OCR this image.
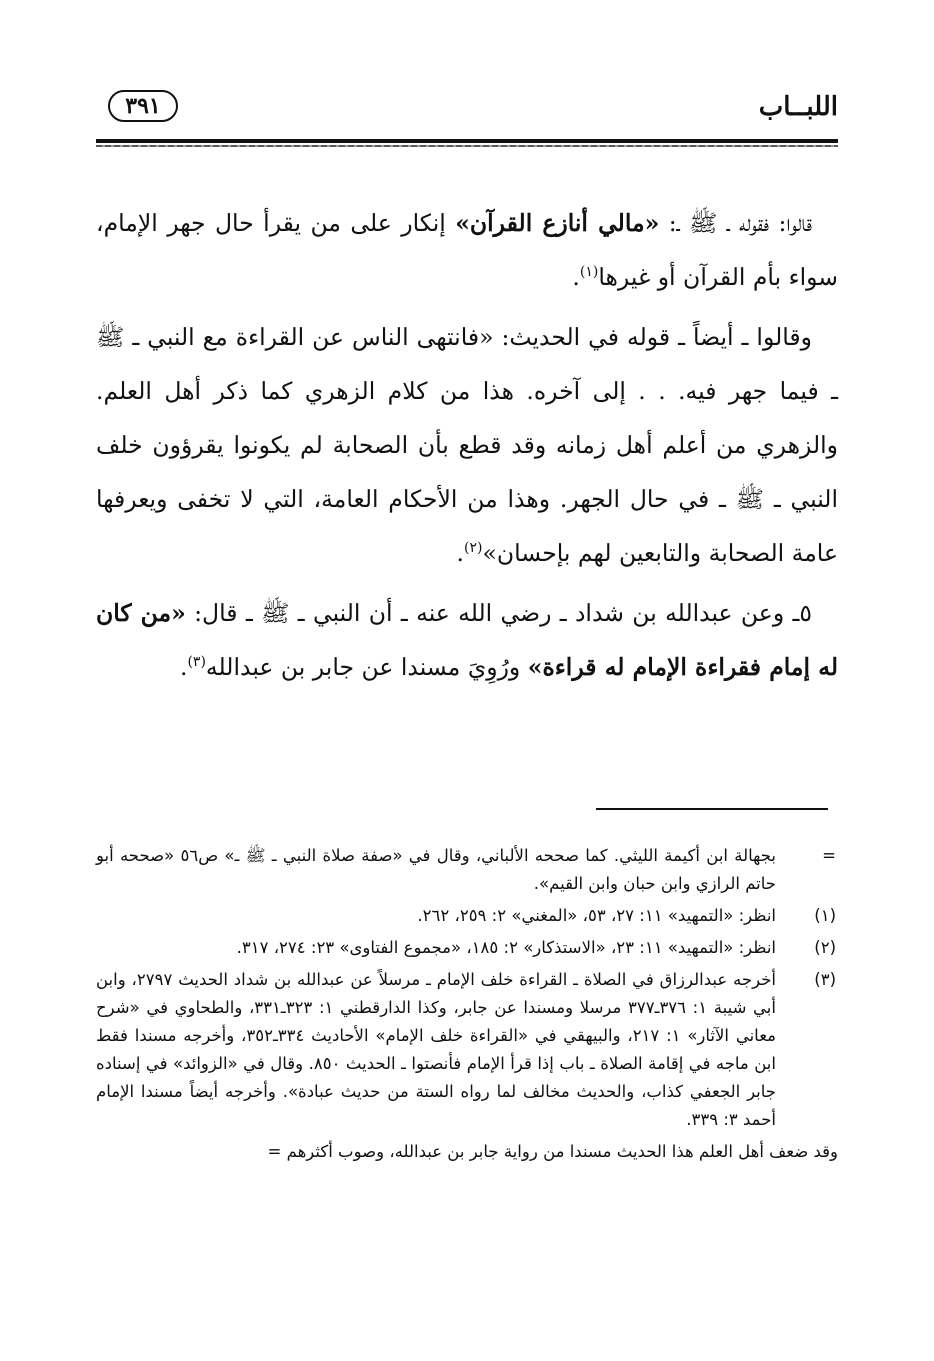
اللبــاب
٣٩١

قالوا: فقوله ـ ﷺ ـ: «مالي أنازع القرآن» إنكار على من يقرأ حال جهر الإمام، سواء بأم القرآن أو غيرها$^{(١)}$.

وقالوا ـ أيضاً ـ قوله في الحديث: «فانتهى الناس عن القراءة مع النبي ـ ﷺ ـ فيما جهر فيه. . . إلى آخره. هذا من كلام الزهري كما ذكر أهل العلم. والزهري من أعلم أهل زمانه وقد قطع بأن الصحابة لم يكونوا يقرؤون خلف النبي ـ ﷺ ـ في حال الجهر. وهذا من الأحكام العامة، التي لا تخفى ويعرفها عامة الصحابة والتابعين لهم بإحسان»$^{(٢)}$.

٥ـ وعن عبدالله بن شداد ـ رضي الله عنه ـ أن النبي ـ ﷺ ـ قال: «من كان له إمام فقراءة الإمام له قراءة» ورُوِيَ مسندا عن جابر بن عبدالله$^{(٣)}$.

=
بجهالة ابن أكيمة الليثي. كما صححه الألباني، وقال في «صفة صلاة النبي ـ ﷺ ـ» ص٥٦ «صححه أبو حاتم الرازي وابن حبان وابن القيم».
(١)
انظر: «التمهيد» ١١: ٢٧، ٥٣، «المغني» ٢: ٢٥٩، ٢٦٢.
(٢)
انظر: «التمهيد» ١١: ٢٣، «الاستذكار» ٢: ١٨٥، «مجموع الفتاوى» ٢٣: ٢٧٤، ٣١٧.
(٣)
أخرجه عبدالرزاق في الصلاة ـ القراءة خلف الإمام ـ مرسلاً عن عبدالله بن شداد الحديث ٢٧٩٧، وابن أبي شيبة ١: ٣٧٦ـ٣٧٧ مرسلا ومسندا عن جابر، وكذا الدارقطني ١: ٣٢٣ـ٣٣١، والطحاوي في «شرح معاني الآثار» ١: ٢١٧، والبيهقي في «القراءة خلف الإمام» الأحاديث ٣٣٤ـ٣٥٢، وأخرجه مسندا فقط ابن ماجه في إقامة الصلاة ـ باب إذا قرأ الإمام فأنصتوا ـ الحديث ٨٥٠. وقال في «الزوائد» في إسناده جابر الجعفي كذاب، والحديث مخالف لما رواه الستة من حديث عبادة». وأخرجه أيضاً مسندا الإمام أحمد ٣: ٣٣٩.
وقد ضعف أهل العلم هذا الحديث مسندا من رواية جابر بن عبدالله، وصوب أكثرهم =
